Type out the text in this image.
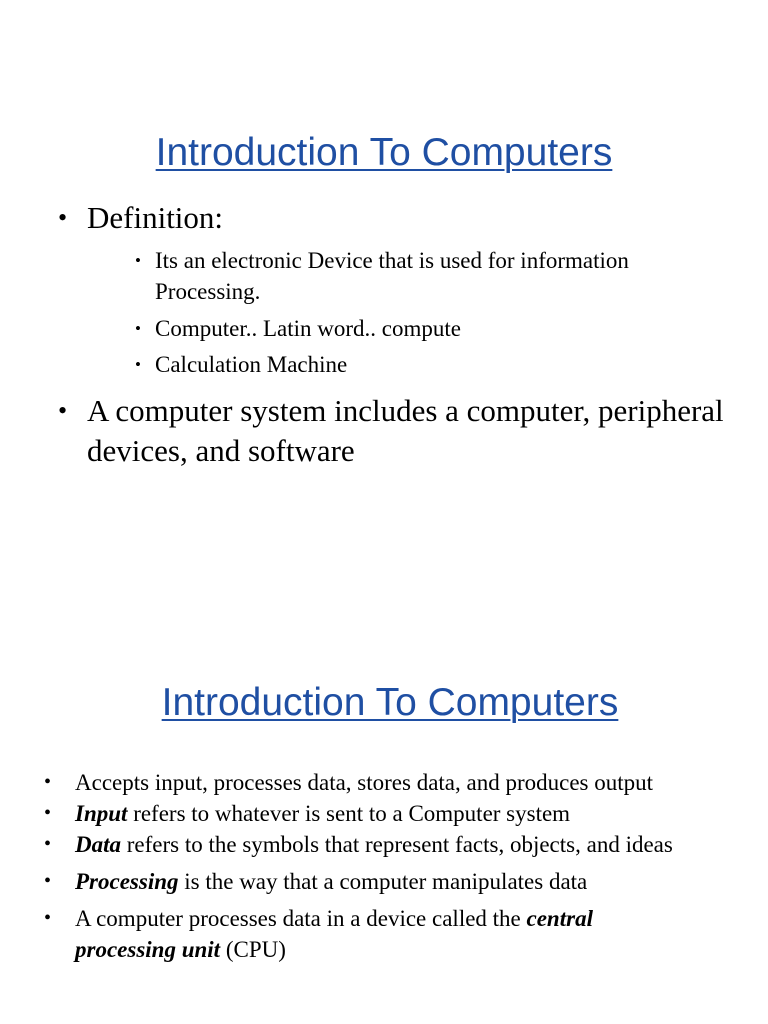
Introduction To Computers
• Definition:
• Its an electronic Device that is used for information Processing.
• Computer.. Latin word.. compute
• Calculation Machine
• A computer system includes a computer, peripheral devices, and software
Introduction To Computers
• Accepts input, processes data, stores data, and produces output
• Input refers to whatever is sent to a Computer system
• Data refers to the symbols that represent facts, objects, and ideas
• Processing is the way that a computer manipulates data
• A computer processes data in a device called the central processing unit (CPU)
